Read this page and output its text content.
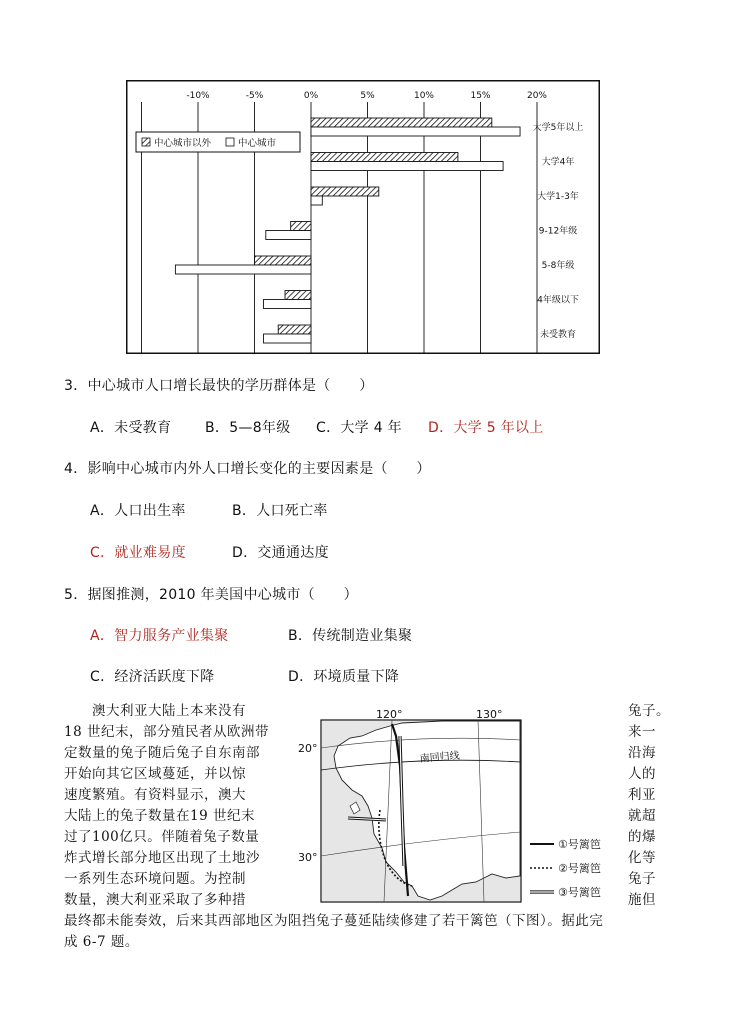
-10%	-5%	0%	5%	10%	15%	20%
大学5年以上
大学4年
大学1-3年
9-12年级
5-8年级
4年级以下
未受教育
中心城市以外	中心城市
3．中心城市人口增长最快的学历群体是（　　）
A．未受教育 B．5—8年级 C．大学 4 年 D．大学 5 年以上
4．影响中心城市内外人口增长变化的主要因素是（　　）
A．人口出生率	B．人口死亡率
C．就业难易度	D．交通通达度
5．据图推测，2010 年美国中心城市（　　）
A．智力服务产业集聚	B．传统制造业集聚
C．经济活跃度下降	D．环境质量下降
澳大利亚大陆上本来没有
18 世纪末，部分殖民者从欧洲带
定数量的兔子随后兔子自东南部
开始向其它区域蔓延，并以惊
速度繁殖。有资料显示，澳大
大陆上的兔子数量在19 世纪末
过了100亿只。伴随着兔子数量
炸式增长部分地区出现了土地沙
一系列生态环境问题。为控制
数量，澳大利亚采取了多种措
兔子。
来一
沿海
人的
利亚
就超
的爆
化等
兔子
施但
最终都未能奏效，后来其西部地区为阻挡兔子蔓延陆续修建了若干篱笆（下图）。据此完
成 6-7 题。
南回归线
120°	130°
20°
30°
①号篱笆
②号篱笆
③号篱笆
